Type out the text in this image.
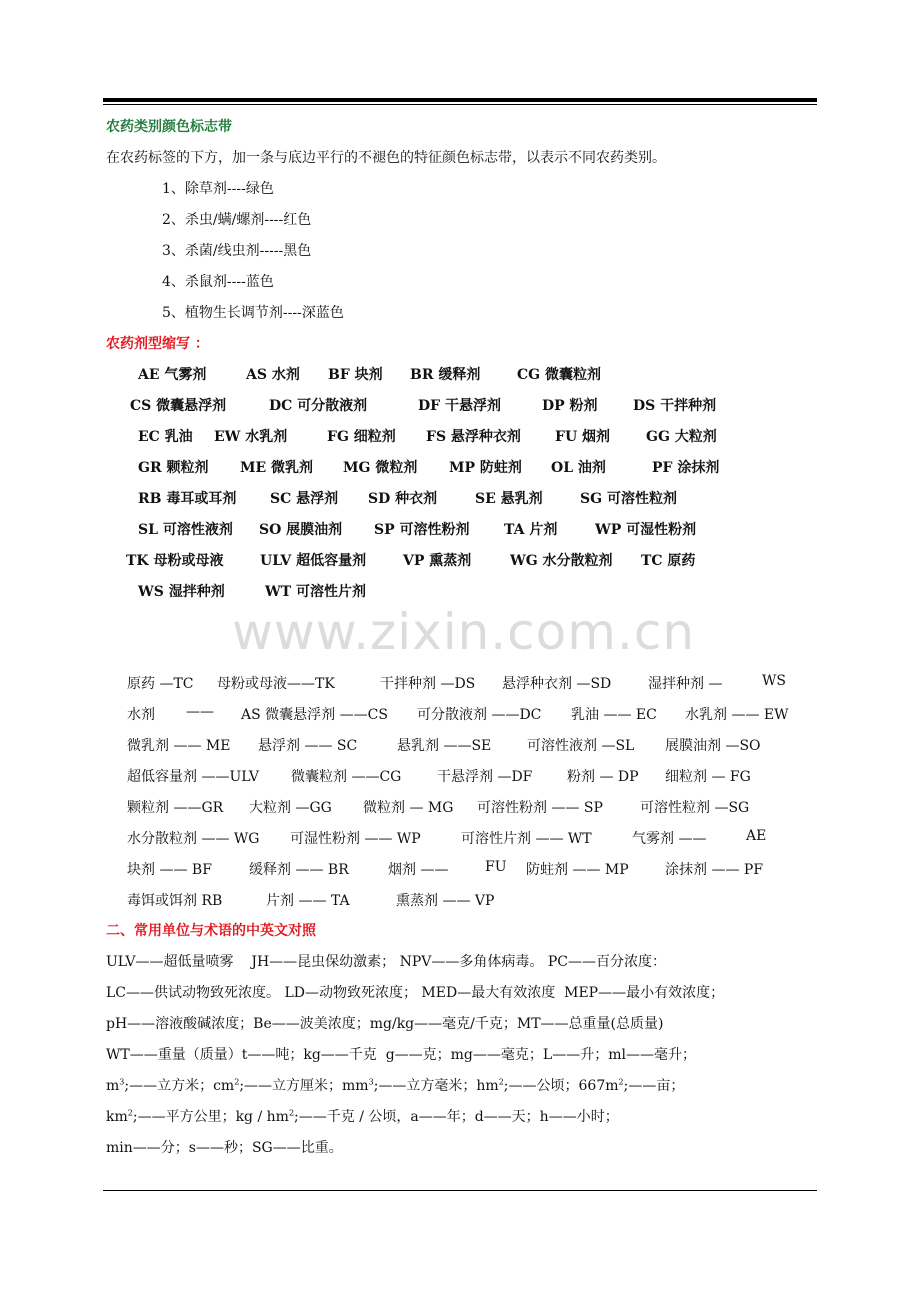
农药类别颜色标志带
在农药标签的下方，加一条与底边平行的不褪色的特征颜色标志带，以表示不同农药类别。
1、除草剂----绿色
2、杀虫/螨/螺剂----红色
3、杀菌/线虫剂-----黑色
4、杀鼠剂----蓝色
5、植物生长调节剂----深蓝色
农药剂型缩写 ：
AE 气雾剂	AS 水剂 BF 块剂 BR 缓释剂	CG 微囊粒剂
CS 微囊悬浮剂	DC 可分散液剂	DF 干悬浮剂	DP 粉剂	DS 干拌种剂
EC 乳油 EW 水乳剂	FG 细粒剂 FS 悬浮种衣剂 FU 烟剂	GG 大粒剂
GR 颗粒剂 ME 微乳剂 MG 微粒剂 MP 防蛀剂 OL 油剂	PF 涂抹剂
RB 毒耳或耳剂 SC 悬浮剂 SD 种衣剂	SE 悬乳剂	SG 可溶性粒剂
SL 可溶性液剂 SO 展膜油剂 SP 可溶性粉剂 TA 片剂	WP 可湿性粉剂
TK 母粉或母液	ULV 超低容量剂	VP 熏蒸剂	WG 水分散粒剂 TC 原药
WS 湿拌种剂	WT 可溶性片剂
www.zixin.com.cn
原药 —TC 母粉或母液——TK	干拌种剂 —DS 悬浮种衣剂 —SD	湿拌种剂 —	WS
水剂 —— AS 微囊悬浮剂 ——CS 可分散液剂 ——DC 乳油 —— EC 水乳剂 —— EW
微乳剂 —— ME 悬浮剂 —— SC	悬乳剂 ——SE	可溶性液剂 —SL 展膜油剂 —SO
超低容量剂 ——ULV 微囊粒剂 ——CG	干悬浮剂 —DF 粉剂 — DP 细粒剂 — FG
颗粒剂 ——GR 大粒剂 —GG 微粒剂 — MG 可溶性粉剂 —— SP	可溶性粒剂 —SG
水分散粒剂 —— WG 可湿性粉剂 —— WP	可溶性片剂 —— WT	气雾剂 ——	AE
块剂 —— BF	缓释剂 —— BR	烟剂 ——	FU 防蛀剂 —— MP	涂抹剂 —— PF
毒饵或饵剂 RB	片剂 —— TA	熏蒸剂 —— VP
二、常用单位与术语的中英文对照
ULV——超低量喷雾    JH——昆虫保幼激素； NPV——多角体病毒。 PC——百分浓度：
LC——供试动物致死浓度。 LD—动物致死浓度； MED—最大有效浓度  MEP——最小有效浓度；
pH——溶液酸碱浓度；Be——波美浓度；mg/kg——毫克/千克；MT——总重量(总质量)
WT——重量（质量）t——吨；kg——千克  g——克；mg——毫克；L——升；ml——毫升；
$m^3;——$立方米；$cm^2;——$立方厘米；$mm^3;——$立方毫米；$hm^2;——$公顷；$667m^2;——$亩；
$km^2;——$平方公里；kg / $hm^2;——$千克 / 公顷，a——年；d——天；h——小时；
min——分；s——秒；SG——比重。
